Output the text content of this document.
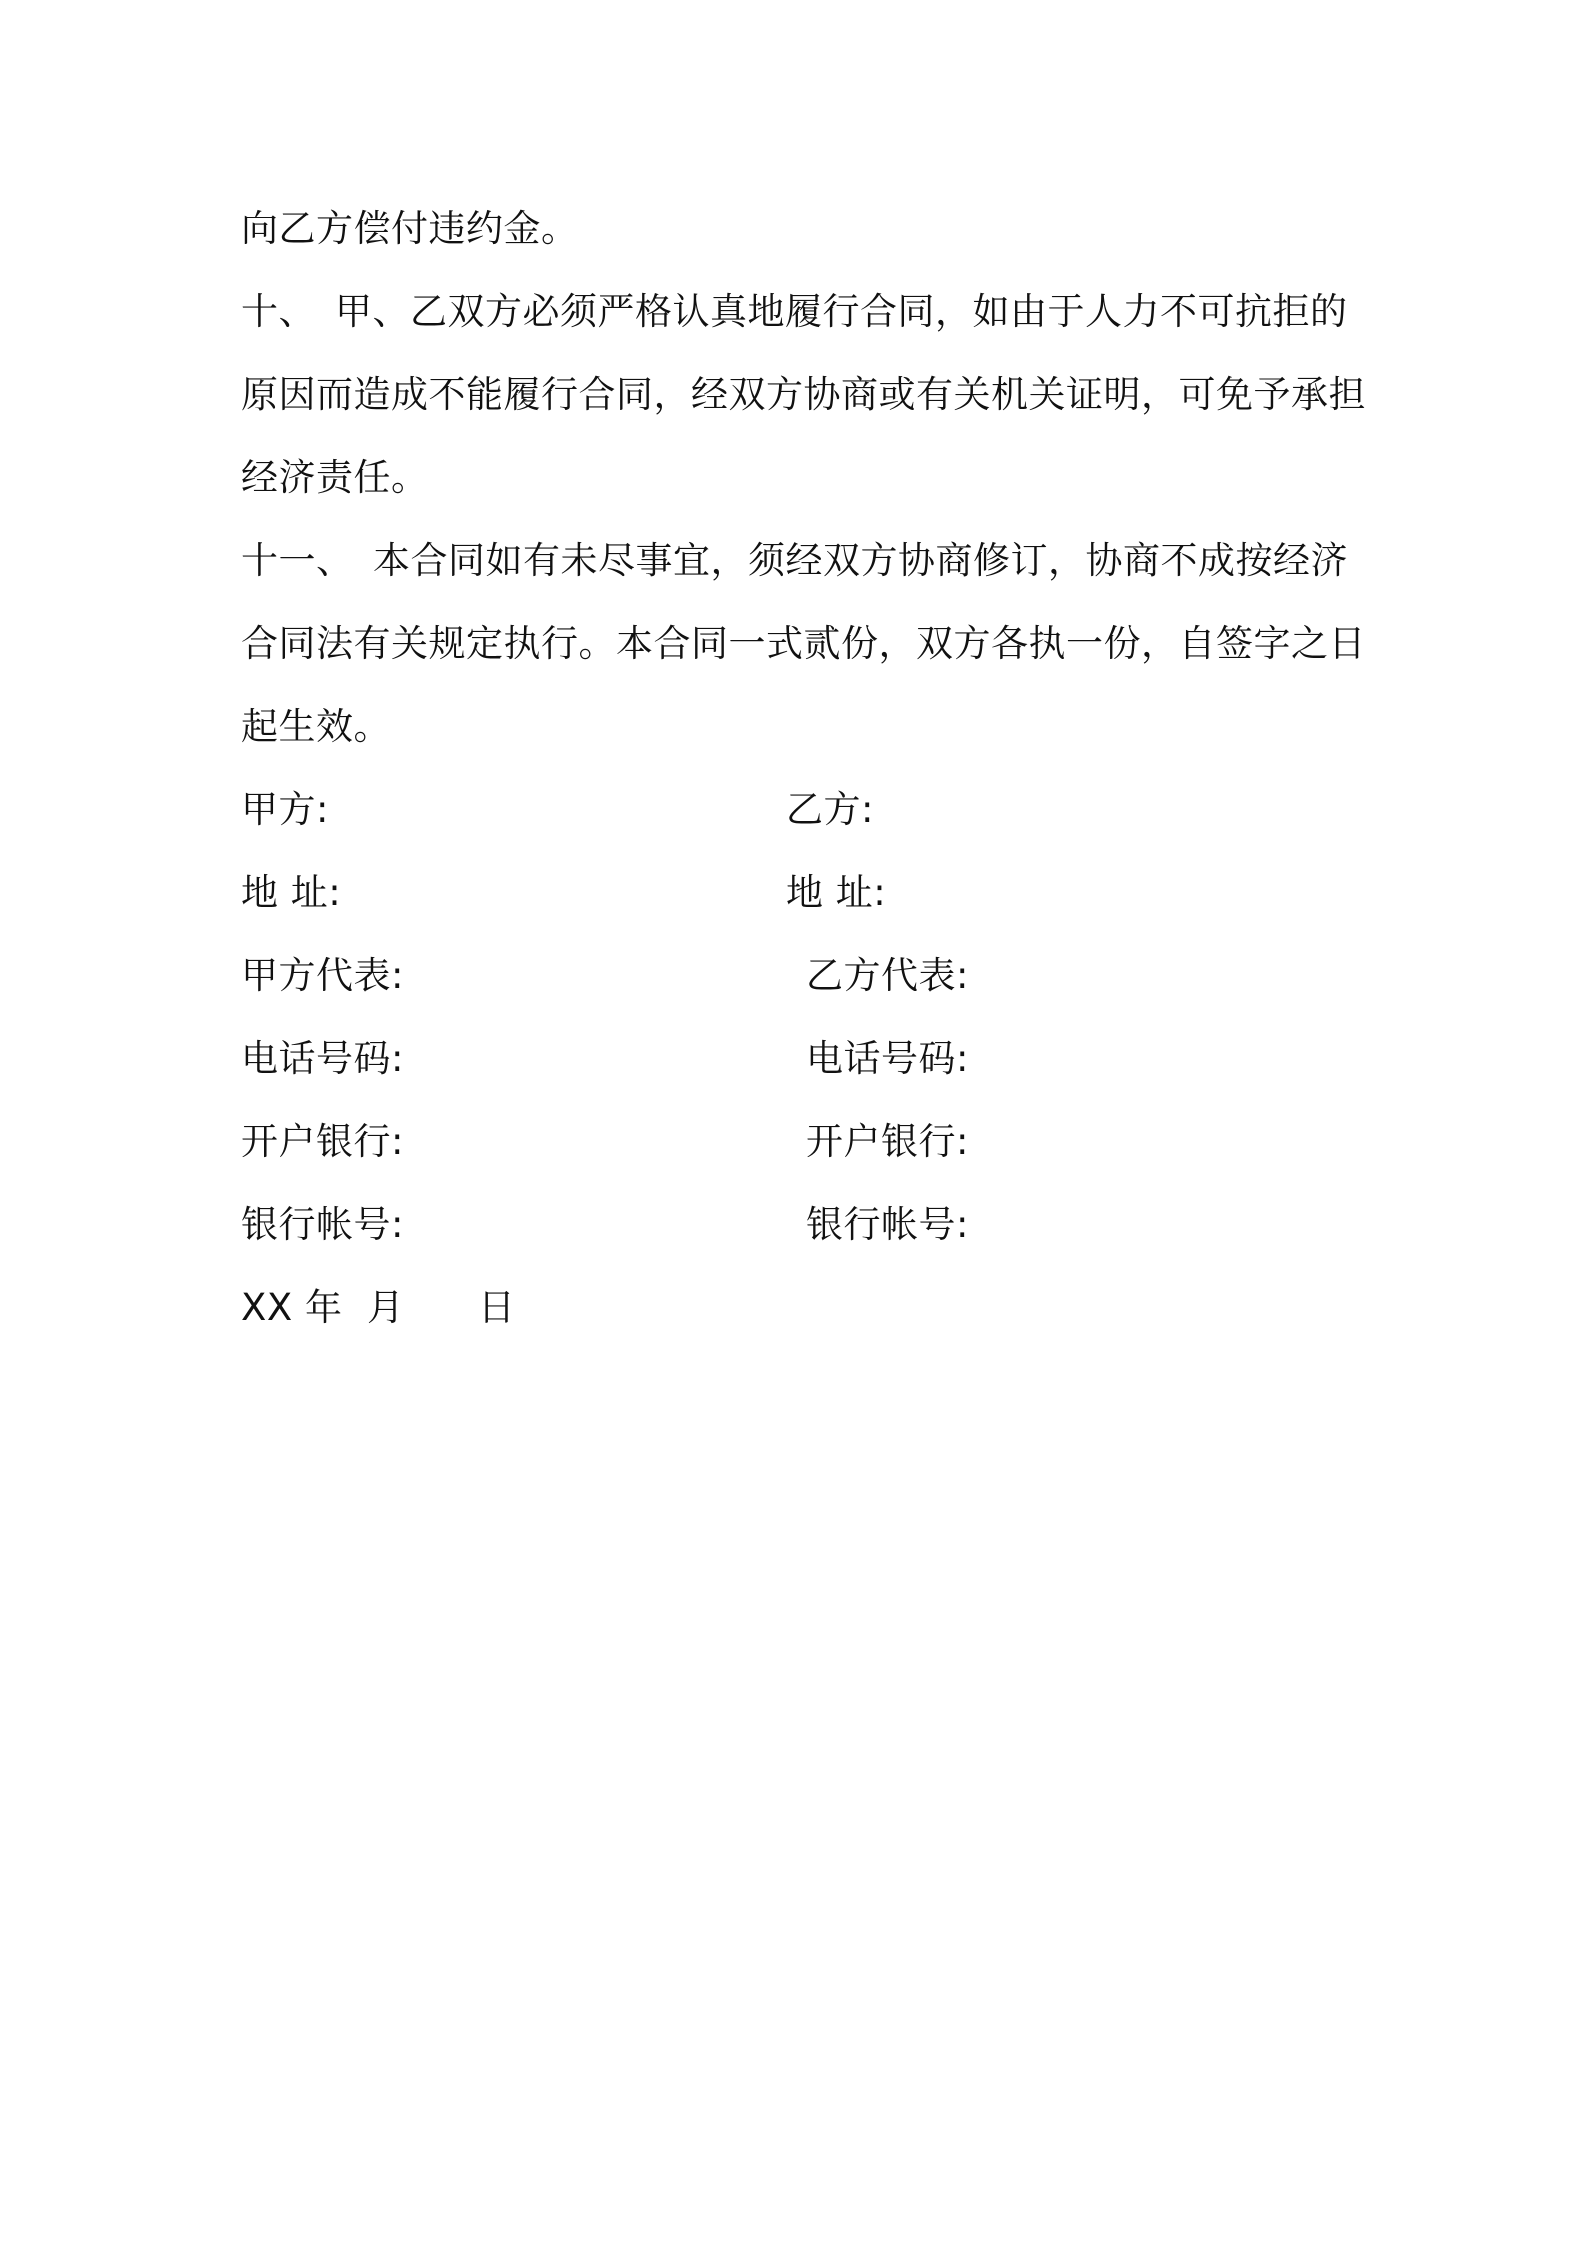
向乙方偿付违约金。
十、 甲、乙双方必须严格认真地履行合同，如由于人力不可抗拒的
原因而造成不能履行合同，经双方协商或有关机关证明，可免予承担
经济责任。
十一、 本合同如有未尽事宜，须经双方协商修订，协商不成按经济
合同法有关规定执行。本合同一式贰份，双方各执一份，自签字之日
起生效。
甲方:
地 址:
甲方代表:
电话号码:
开户银行:
银行帐号:
乙方:
地 址:
乙方代表:
电话号码:
开户银行:
银行帐号:
XX 年  月      日
